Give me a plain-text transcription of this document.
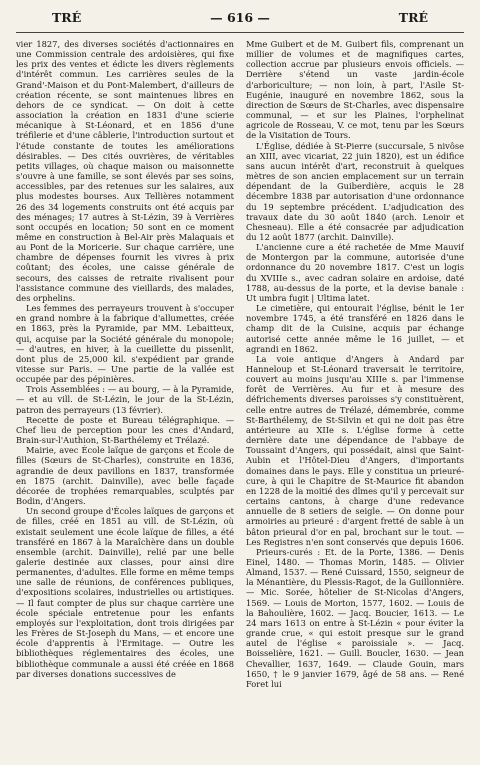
TRÉ	— 616 —	TRÉ

vier 1827, des diverses sociétés d'actionnaires en une Commission centrale des ardoisières, qui fixe les prix des ventes et édicte les divers règlements d'intérêt commun. Les carrières seules de la Grand'-Maison et du Pont-Malembert, d'ailleurs de création récente, se sont maintenues libres en dehors de ce syndicat. — On doit à cette association la création en 1831 d'une scierie mécanique à St-Léonard, et en 1856 d'une tréfilerie et d'une câblerie, l'introduction surtout et l'étude constante de toutes les améliorations désirables. — Des cités ouvrières, de véritables petits villages, où chaque maison ou maisonnette s'ouvre à une famille, se sont élevés par ses soins, accessibles, par des retenues sur les salaires, aux plus modestes bourses. Aux Tellières notamment 26 des 34 logements construits ont été acquis par des ménages; 17 autres à St-Lézin, 39 à Verrières sont occupés en location; 50 sont en ce moment même en construction à Bel-Air près Malaquais et au Pont de la Moricerie. Sur chaque carrière, une chambre de dépenses fournit les vivres à prix coûtant; des écoles, une caisse générale de secours, des caisses de retraite rivalisent pour l'assistance commune des vieillards, des malades, des orphelins.

Les femmes des perrayeurs trouvent à s'occuper en grand nombre à la fabrique d'allumettes, créée en 1863, près la Pyramide, par MM. Lebaitteux, qui, acquise par la Société générale du monopole; — d'autres, en hiver, à la cueillette du pissenlit, dont plus de 25,000 kil. s'expédient par grande vitesse sur Paris. — Une partie de la vallée est occupée par des pépinières.

Trois Assemblées : — au bourg, — à la Pyramide, — et au vill. de St-Lézin, le jour de la St-Lézin, patron des perrayeurs (13 février).

Recette de poste et Bureau télégraphique. — Chef lieu de perception pour les cnes d'Andard, Brain-sur-l'Authion, St-Barthélemy et Trélazé.

Mairie, avec École laïque de garçons et École de filles (Sœurs de St-Charles), construite en 1836, agrandie de deux pavillons en 1837, transformée en 1875 (archit. Dainville), avec belle façade décorée de trophées remarquables, sculptés par Bodin, d'Angers.

Un second groupe d'Écoles laïques de garçons et de filles, créé en 1851 au vill. de St-Lézin, où existait seulement une école laïque de filles, a été transféré en 1867 à la Maraîchère dans un double ensemble (archit. Dainville), relié par une belle galerie destinée aux classes, pour ainsi dire permanentes, d'adultes. Elle forme en même temps une salle de réunions, de conférences publiques, d'expositions scolaires, industrielles ou artistiques. — Il faut compter de plus sur chaque carrière une école spéciale entretenue pour les enfants employés sur l'exploitation, dont trois dirigées par les Frères de St-Joseph du Mans, — et encore une école d'apprentis à l'Ermitage. — Outre les bibliothèques réglementaires des écoles, une bibliothèque communale a aussi été créée en 1868 par diverses donations successives de

Mme Guibert et de M. Guibert fils, comprenant un millier de volumes et de magnifiques cartes, collection accrue par plusieurs envois officiels. — Derrière s'étend un vaste jardin-école d'arboriculture; — non loin, à part, l'Asile St-Eugénie, inauguré en novembre 1862, sous la direction de Sœurs de St-Charles, avec dispensaire communal, — et sur les Plaines, l'orphelinat agricole de Rosseau, V. ce mot, tenu par les Sœurs de la Visitation de Tours.

L'Église, dédiée à St-Pierre (succursale, 5 nivôse an XIII, avec vicariat, 22 juin 1820), est un édifice sans aucun intérêt d'art, reconstruit à quelques mètres de son ancien emplacement sur un terrain dépendant de la Guiberdière, acquis le 28 décembre 1838 par autorisation d'une ordonnance du 19 septembre précédent. L'adjudication des travaux date du 30 août 1840 (arch. Lenoir et Chesneau). Elle a été consacrée par adjudication du 12 août 1877 (archit. Dainville).

L'ancienne cure a été rachetée de Mme Mauvif de Montergon par la commune, autorisée d'une ordonnance du 20 novembre 1817. C'est un logis du XVIIIe s., avec cadran solaire en ardoise, daté 1788, au-dessus de la porte, et la devise banale : Ut umbra fugit | Ultima latet.

Le cimetière, qui entourait l'église, bénit le 1er novembre 1745, a été transféré en 1826 dans le champ dit de la Cuisine, acquis par échange autorisé cette année même le 16 juillet, — et agrandi en 1862.

La voie antique d'Angers à Andard par Hanneloup et St-Léonard traversait le territoire, couvert au moins jusqu'au XIIIe s. par l'immense forêt de Verrières. Au fur et à mesure des défrichements diverses paroisses s'y constituèrent, celle entre autres de Trélazé, démembrée, comme St-Barthélemy, de St-Silvin et qui ne doit pas être antérieure au XIIe s. L'église forme à cette dernière date une dépendance de l'abbaye de Toussaint d'Angers, qui possédait, ainsi que Saint-Aubin et l'Hôtel-Dieu d'Angers, d'importants domaines dans le pays. Elle y constitua un prieuré-cure, à qui le Chapitre de St-Maurice fit abandon en 1228 de la moitié des dîmes qu'il y percevait sur certains cantons, à charge d'une redevance annuelle de 8 setiers de seigle. — On donne pour armoiries au prieuré : d'argent fretté de sable à un bâton prieural d'or en pal, brochant sur le tout. — Les Registres n'en sont conservés que depuis 1606.

Prieurs-curés : Et. de la Porte, 1386. — Denis Einel, 1480. — Thomas Morin, 1485. — Olivier Almand, 1537. — René Cuissard, 1550, seigneur de la Ménantière, du Plessis-Ragot, de la Guillonnière. — Mic. Sorée, hôtelier de St-Nicolas d'Angers, 1569. — Louis de Morton, 1577, 1602. — Louis de la Bahoulière, 1602. — Jacq. Boucier, 1613. — Le 24 mars 1613 on entre à St-Lézin « pour éviter la grande crue, « qui estoit presque sur le grand autel de l'église « paroissiale ». — Jacq. Boisselière, 1621. — Guill. Boucler, 1630. — Jean Chevallier, 1637, 1649. — Claude Gouin, mars 1650, † le 9 janvier 1679, âgé de 58 ans. — René Foret lui
